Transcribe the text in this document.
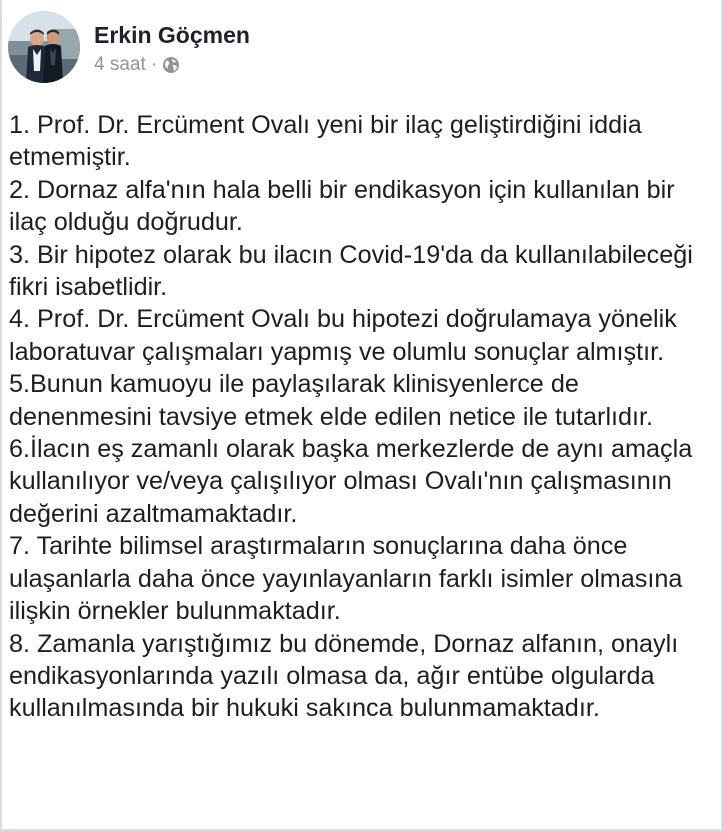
Erkin Göçmen
4 saat ·

1. Prof. Dr. Ercüment Ovalı yeni bir ilaç geliştirdiğini iddia etmemiştir.

2. Dornaz alfa'nın hala belli bir endikasyon için kullanılan bir ilaç olduğu doğrudur.

3. Bir hipotez olarak bu ilacın Covid-19'da da kullanılabileceği fikri isabetlidir.

4. Prof. Dr. Ercüment Ovalı bu hipotezi doğrulamaya yönelik laboratuvar çalışmaları yapmış ve olumlu sonuçlar almıştır.

5.Bunun kamuoyu ile paylaşılarak klinisyenlerce de denenmesini tavsiye etmek elde edilen netice ile tutarlıdır.

6.İlacın eş zamanlı olarak başka merkezlerde de aynı amaçla kullanılıyor ve/veya çalışılıyor olması Ovalı'nın çalışmasının değerini azaltmamaktadır.

7. Tarihte bilimsel araştırmaların sonuçlarına daha önce ulaşanlarla daha önce yayınlayanların farklı isimler olmasına ilişkin örnekler bulunmaktadır.

8. Zamanla yarıştığımız bu dönemde, Dornaz alfanın, onaylı endikasyonlarında yazılı olmasa da, ağır entübe olgularda kullanılmasında bir hukuki sakınca bulunmamaktadır.
